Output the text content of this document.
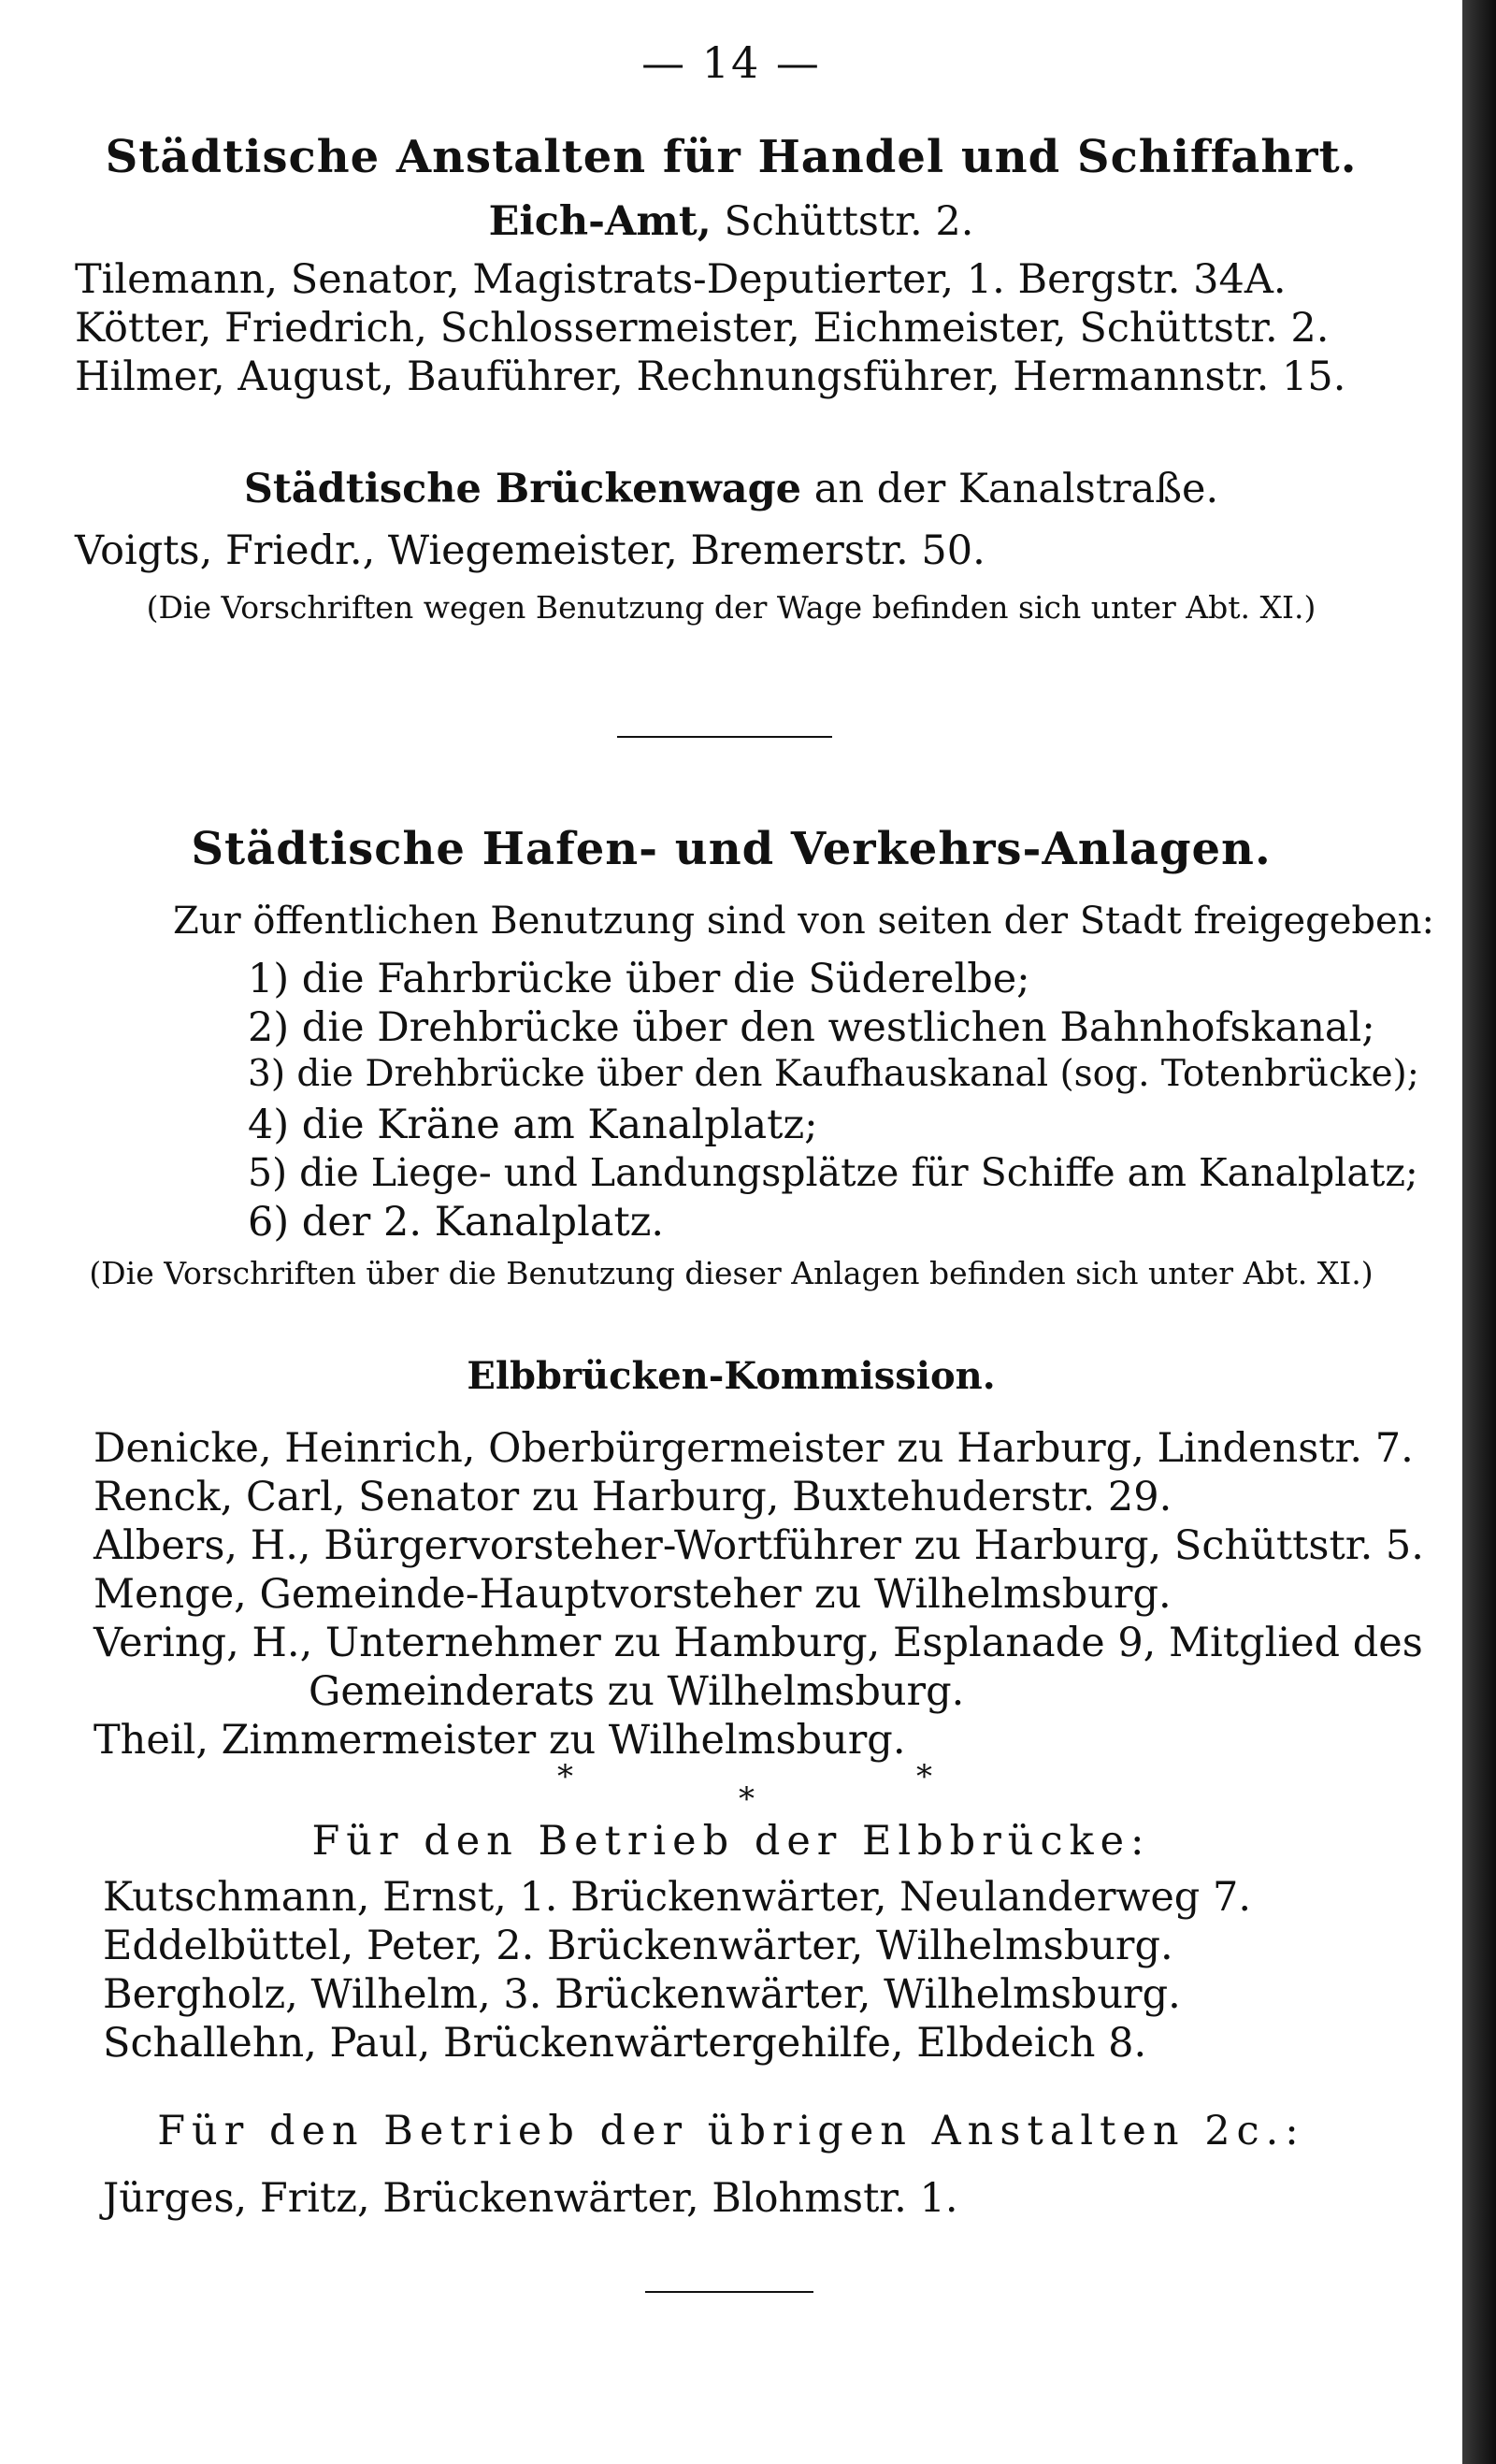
— 14 —
Städtische Anstalten für Handel und Schiffahrt.
Eich-Amt, Schüttstr. 2.
Tilemann, Senator, Magistrats-Deputierter, 1. Bergstr. 34A.
Kötter, Friedrich, Schlossermeister, Eichmeister, Schüttstr. 2.
Hilmer, August, Bauführer, Rechnungsführer, Hermannstr. 15.
Städtische Brückenwage an der Kanalstraße.
Voigts, Friedr., Wiegemeister, Bremerstr. 50.
(Die Vorschriften wegen Benutzung der Wage befinden sich unter Abt. XI.)
Städtische Hafen- und Verkehrs-Anlagen.
Zur öffentlichen Benutzung sind von seiten der Stadt freigegeben:
1) die Fahrbrücke über die Süderelbe;
2) die Drehbrücke über den westlichen Bahnhofskanal;
3) die Drehbrücke über den Kaufhauskanal (sog. Totenbrücke);
4) die Kräne am Kanalplatz;
5) die Liege- und Landungsplätze für Schiffe am Kanalplatz;
6) der 2. Kanalplatz.
(Die Vorschriften über die Benutzung dieser Anlagen befinden sich unter Abt. XI.)
Elbbrücken-Kommission.
Denicke, Heinrich, Oberbürgermeister zu Harburg, Lindenstr. 7.
Renck, Carl, Senator zu Harburg, Buxtehuderstr. 29.
Albers, H., Bürgervorsteher-Wortführer zu Harburg, Schüttstr. 5.
Menge, Gemeinde-Hauptvorsteher zu Wilhelmsburg.
Vering, H., Unternehmer zu Hamburg, Esplanade 9, Mitglied des
Gemeinderats zu Wilhelmsburg.
Theil, Zimmermeister zu Wilhelmsburg.
*
*
*
Für den Betrieb der Elbbrücke:
Kutschmann, Ernst, 1. Brückenwärter, Neulanderweg 7.
Eddelbüttel, Peter, 2. Brückenwärter, Wilhelmsburg.
Bergholz, Wilhelm, 3. Brückenwärter, Wilhelmsburg.
Schallehn, Paul, Brückenwärtergehilfe, Elbdeich 8.
Für den Betrieb der übrigen Anstalten 2c.:
Jürges, Fritz, Brückenwärter, Blohmstr. 1.
